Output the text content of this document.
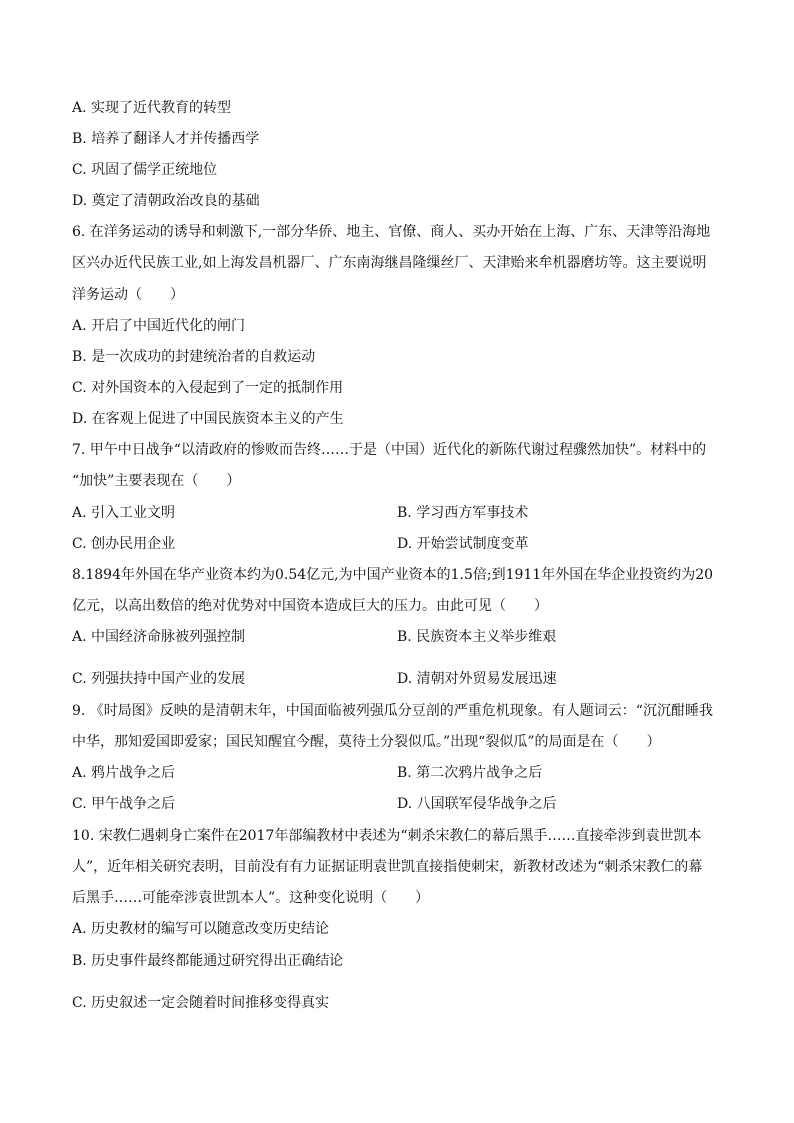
A. 实现了近代教育的转型
B. 培养了翻译人才并传播西学
C. 巩固了儒学正统地位
D. 奠定了清朝政治改良的基础
6. 在洋务运动的诱导和刺激下,一部分华侨、地主、官僚、商人、买办开始在上海、广东、天津等沿海地
区兴办近代民族工业,如上海发昌机器厂、广东南海继昌隆缫丝厂、天津贻来牟机器磨坊等。这主要说明
洋务运动（　　）
A. 开启了中国近代化的闸门
B. 是一次成功的封建统治者的自救运动
C. 对外国资本的入侵起到了一定的抵制作用
D. 在客观上促进了中国民族资本主义的产生
7. 甲午中日战争“以清政府的惨败而告终……于是（中国）近代化的新陈代谢过程骤然加快”。材料中的
“加快”主要表现在（　　）
A. 引入工业文明	B. 学习西方军事技术
C. 创办民用企业	D. 开始尝试制度变革
8.1894年外国在华产业资本约为0.54亿元,为中国产业资本的1.5倍;到1911年外国在华企业投资约为20
亿元，以高出数倍的绝对优势对中国资本造成巨大的压力。由此可见（　　）
A. 中国经济命脉被列强控制	B. 民族资本主义举步维艰
C. 列强扶持中国产业的发展	D. 清朝对外贸易发展迅速
9. 《时局图》反映的是清朝末年，中国面临被列强瓜分豆剖的严重危机现象。有人题词云：“沉沉酣睡我
中华，那知爱国即爱家；国民知醒宜今醒，莫待土分裂似瓜。”出现“裂似瓜”的局面是在（　　）
A. 鸦片战争之后	B. 第二次鸦片战争之后
C. 甲午战争之后	D. 八国联军侵华战争之后
10. 宋教仁遇刺身亡案件在2017年部编教材中表述为“刺杀宋教仁的幕后黑手……直接牵涉到袁世凯本
人”，近年相关研究表明，目前没有有力证据证明袁世凯直接指使刺宋，新教材改述为“刺杀宋教仁的幕
后黑手……可能牵涉袁世凯本人”。这种变化说明（　　）
A. 历史教材的编写可以随意改变历史结论
B. 历史事件最终都能通过研究得出正确结论
C. 历史叙述一定会随着时间推移变得真实
